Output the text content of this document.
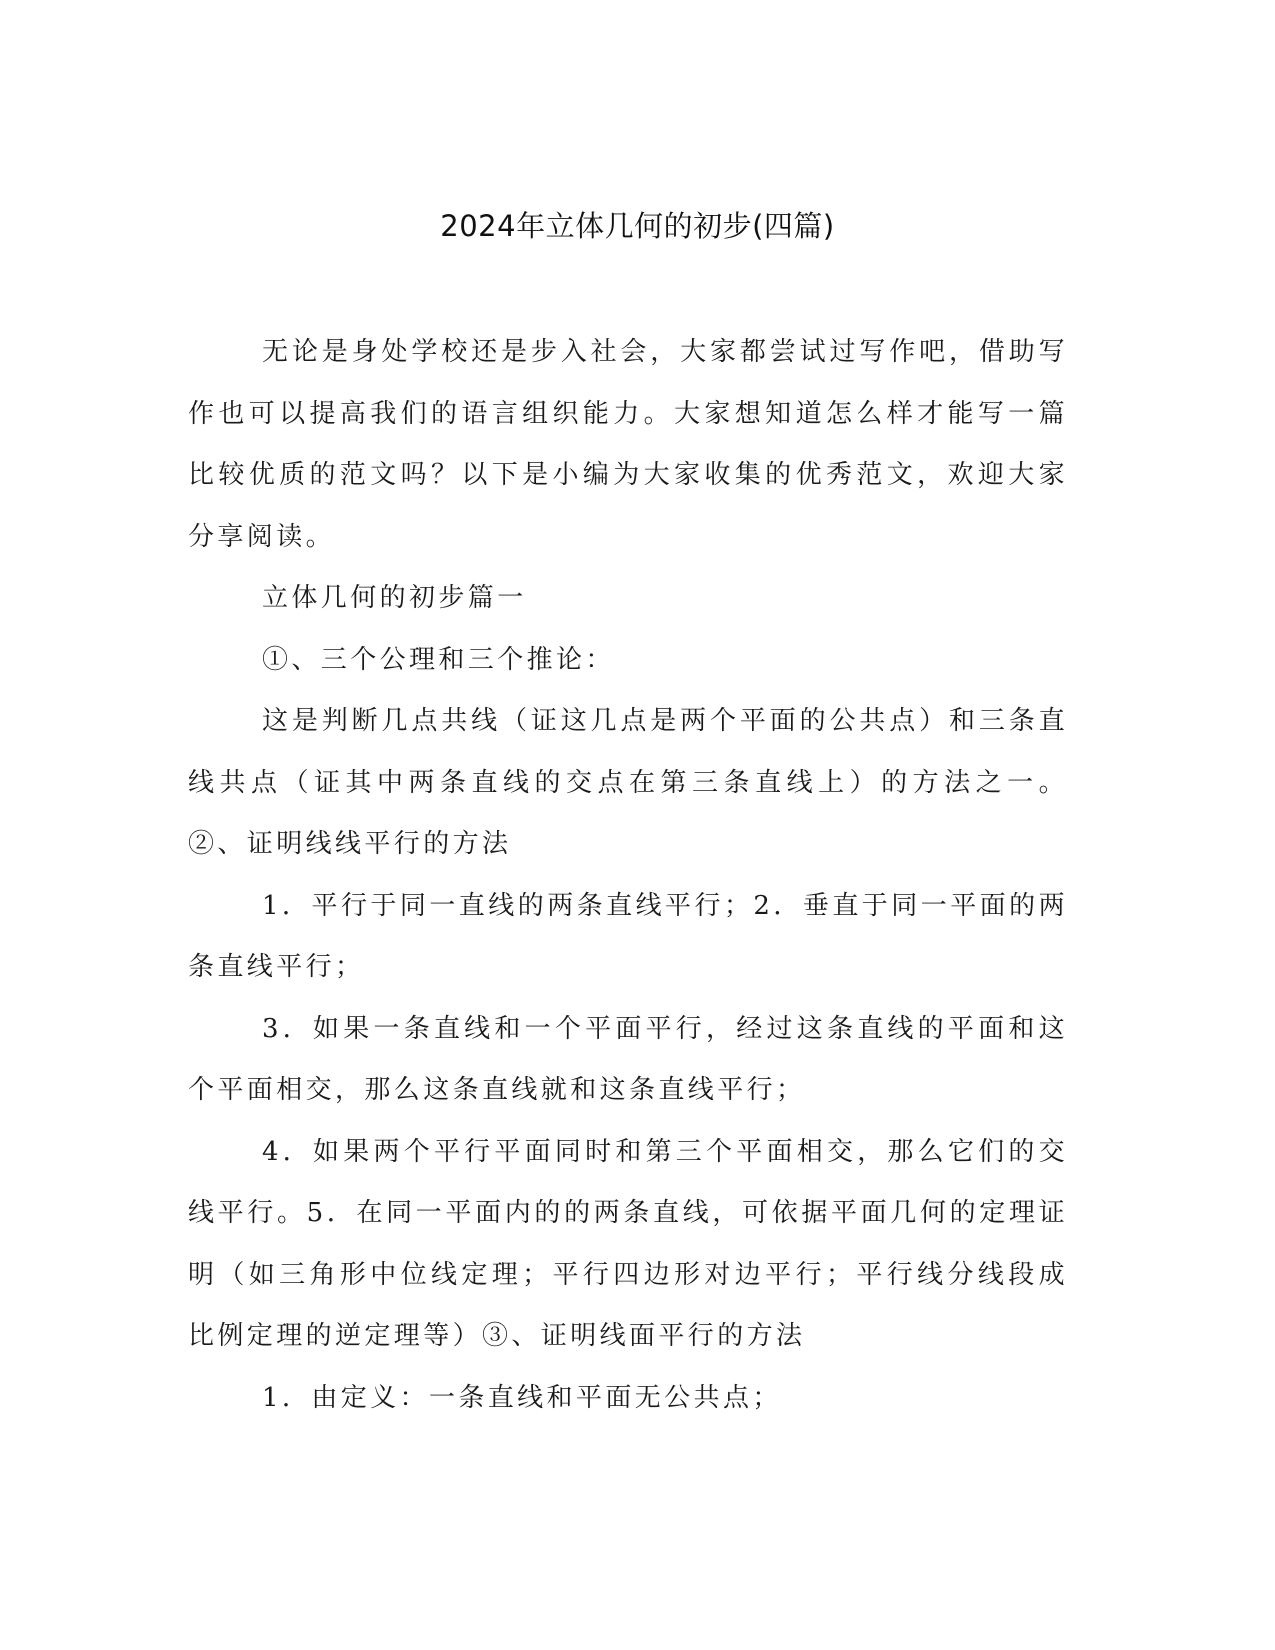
2024年立体几何的初步(四篇)

无论是身处学校还是步入社会，大家都尝试过写作吧，借助写作也可以提高我们的语言组织能力。大家想知道怎么样才能写一篇比较优质的范文吗？以下是小编为大家收集的优秀范文，欢迎大家分享阅读。

立体几何的初步篇一

①、三个公理和三个推论：

这是判断几点共线（证这几点是两个平面的公共点）和三条直线共点（证其中两条直线的交点在第三条直线上）的方法之一。②、证明线线平行的方法

1．平行于同一直线的两条直线平行；2．垂直于同一平面的两条直线平行；

3．如果一条直线和一个平面平行，经过这条直线的平面和这个平面相交，那么这条直线就和这条直线平行；

4．如果两个平行平面同时和第三个平面相交，那么它们的交线平行。5．在同一平面内的的两条直线，可依据平面几何的定理证明（如三角形中位线定理；平行四边形对边平行；平行线分线段成比例定理的逆定理等）③、证明线面平行的方法

1．由定义：一条直线和平面无公共点；
